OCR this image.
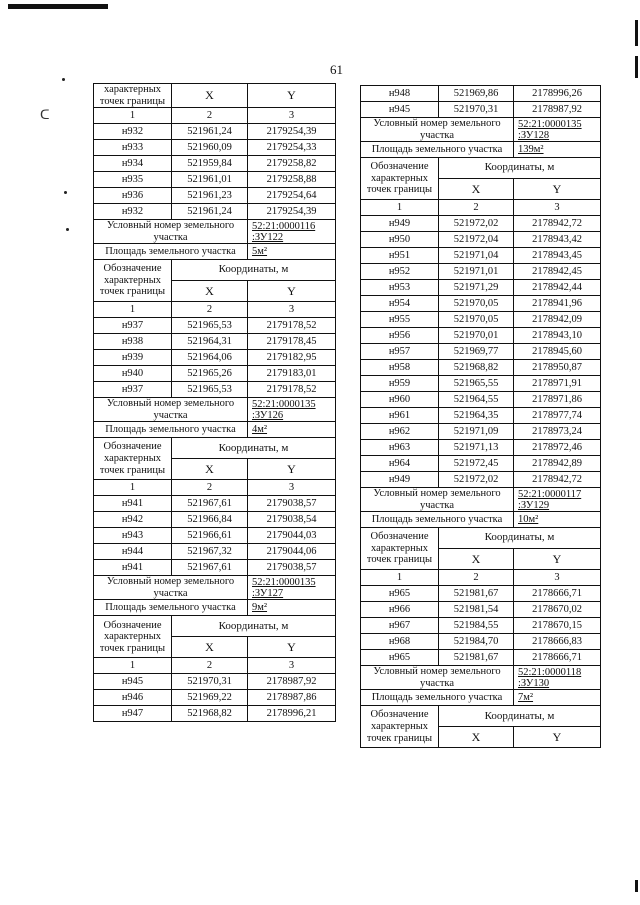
ᑕ
61
характерных точек границы	X	Y
1	2	3
н932	521961,24	2179254,39
н933	521960,09	2179254,33
н934	521959,84	2179258,82
н935	521961,01	2179258,88
н936	521961,23	2179254,64
н932	521961,24	2179254,39
Условный номер земельного участка		52:21:0000116 :ЗУ122
Площадь земельного участка		5м²
Обозначение характерных точек границы	Координаты, м	
	X	Y
1	2	3
н937	521965,53	2179178,52
н938	521964,31	2179178,45
н939	521964,06	2179182,95
н940	521965,26	2179183,01
н937	521965,53	2179178,52
Условный номер земельного участка		52:21:0000135 :ЗУ126
Площадь земельного участка		4м²
Обозначение характерных точек границы	Координаты, м	
	X	Y
1	2	3
н941	521967,61	2179038,57
н942	521966,84	2179038,54
н943	521966,61	2179044,03
н944	521967,32	2179044,06
н941	521967,61	2179038,57
Условный номер земельного участка		52:21:0000135 :ЗУ127
Площадь земельного участка		9м²
Обозначение характерных точек границы	Координаты, м	
	X	Y
1	2	3
н945	521970,31	2178987,92
н946	521969,22	2178987,86
н947	521968,82	2178996,21
н948	521969,86	2178996,26
н945	521970,31	2178987,92
Условный номер земельного участка		52:21:0000135 :ЗУ128
Площадь земельного участка		139м²
Обозначение характерных точек границы	Координаты, м	
	X	Y
1	2	3
н949	521972,02	2178942,72
н950	521972,04	2178943,42
н951	521971,04	2178943,45
н952	521971,01	2178942,45
н953	521971,29	2178942,44
н954	521970,05	2178941,96
н955	521970,05	2178942,09
н956	521970,01	2178943,10
н957	521969,77	2178945,60
н958	521968,82	2178950,87
н959	521965,55	2178971,91
н960	521964,55	2178971,86
н961	521964,35	2178977,74
н962	521971,09	2178973,24
н963	521971,13	2178972,46
н964	521972,45	2178942,89
н949	521972,02	2178942,72
Условный номер земельного участка		52:21:0000117 :ЗУ129
Площадь земельного участка		10м²
Обозначение характерных точек границы	Координаты, м	
	X	Y
1	2	3
н965	521981,67	2178666,71
н966	521981,54	2178670,02
н967	521984,55	2178670,15
н968	521984,70	2178666,83
н965	521981,67	2178666,71
Условный номер земельного участка		52:21:0000118 :ЗУ130
Площадь земельного участка		7м²
Обозначение характерных точек границы	Координаты, м	
	X	Y
